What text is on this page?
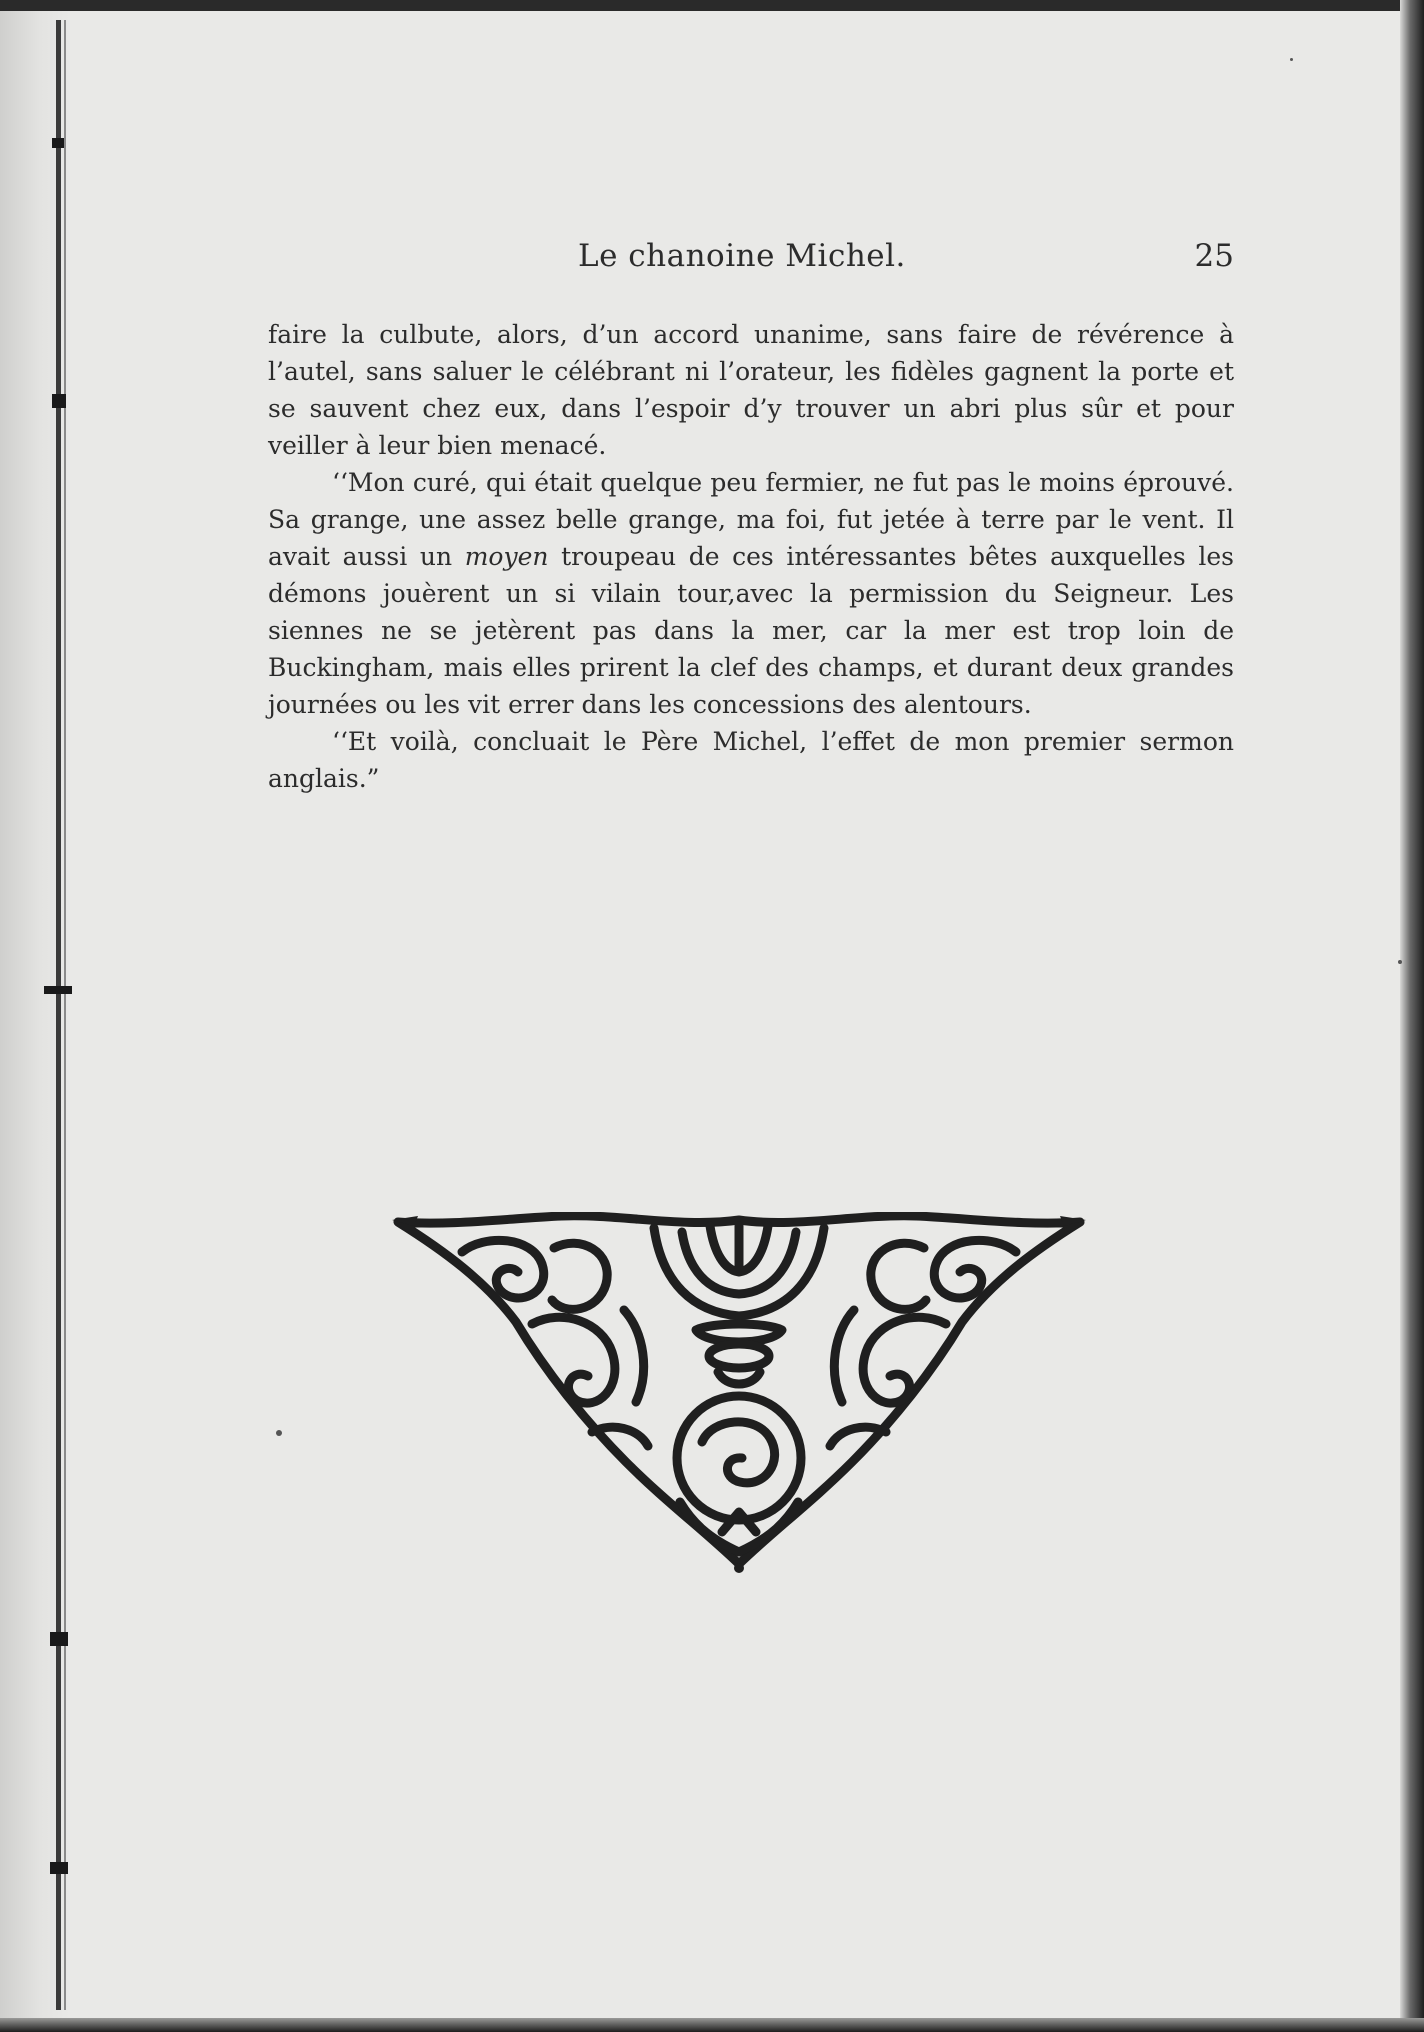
Le chanoine Michel.	25

faire la culbute, alors, d’un accord unanime, sans faire de révérence à l’autel, sans saluer le célébrant ni l’orateur, les fidèles gagnent la porte et se sauvent chez eux, dans l’espoir d’y trouver un abri plus sûr et pour veiller à leur bien menacé.

‘‘Mon curé, qui était quelque peu fermier, ne fut pas le moins éprouvé. Sa grange, une assez belle grange, ma foi, fut jetée à terre par le vent. Il avait aussi un moyen troupeau de ces intéressantes bêtes auxquelles les démons jouèrent un si vilain tour,avec la permission du Seigneur. Les siennes ne se jetèrent pas dans la mer, car la mer est trop loin de Buckingham, mais elles prirent la clef des champs, et durant deux grandes journées ou les vit errer dans les concessions des alentours.

‘‘Et voilà, concluait le Père Michel, l’effet de mon premier sermon anglais.”
